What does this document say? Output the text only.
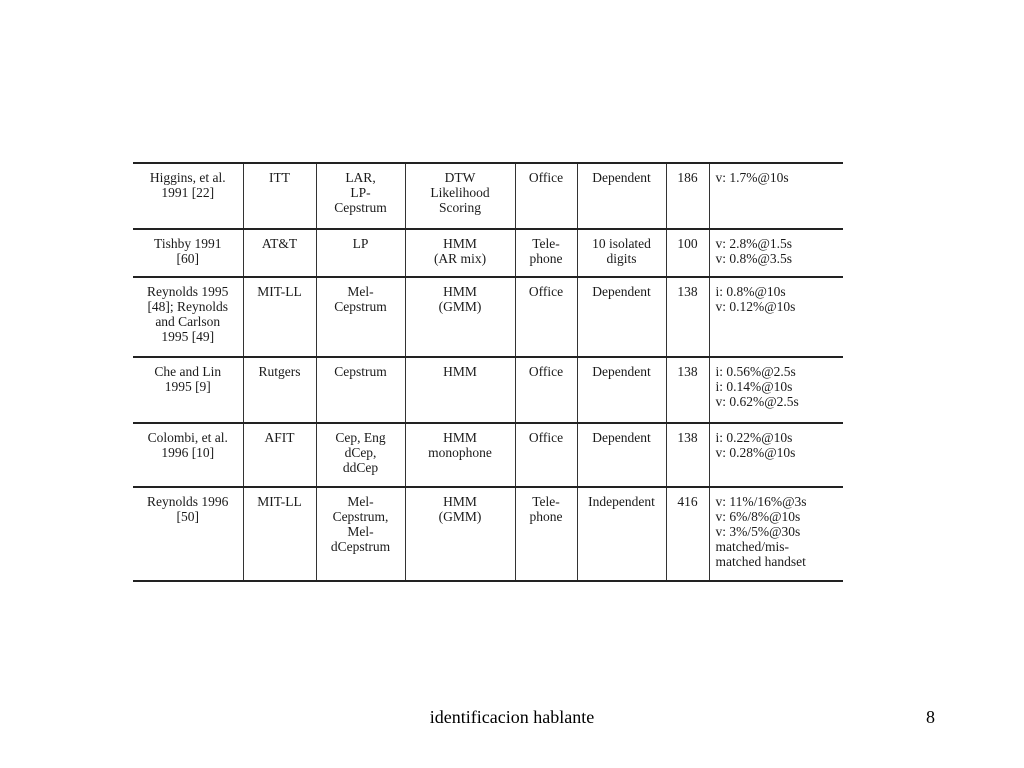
Higgins, et al.
1991 [22]	ITT	LAR,
LP-
Cepstrum	DTW
Likelihood
Scoring	Office	Dependent	186	v: 1.7%@10s

Tishby 1991
[60]	AT&T	LP	HMM
(AR mix)	Tele-
phone	10 isolated
digits	100	v: 2.8%@1.5s
v: 0.8%@3.5s

Reynolds 1995
[48]; Reynolds
and Carlson
1995 [49]	MIT-LL	Mel-
Cepstrum	HMM
(GMM)	Office	Dependent	138	i: 0.8%@10s
v: 0.12%@10s

Che and Lin
1995 [9]	Rutgers	Cepstrum	HMM	Office	Dependent	138	i: 0.56%@2.5s
i: 0.14%@10s
v: 0.62%@2.5s

Colombi, et al.
1996 [10]	AFIT	Cep, Eng
dCep,
ddCep	HMM
monophone	Office	Dependent	138	i: 0.22%@10s
v: 0.28%@10s

Reynolds 1996
[50]	MIT-LL	Mel-
Cepstrum,
Mel-
dCepstrum	HMM
(GMM)	Tele-
phone	Independent	416	v: 11%/16%@3s
v: 6%/8%@10s
v: 3%/5%@30s
matched/mis-
matched handset
identificacion hablante	8
